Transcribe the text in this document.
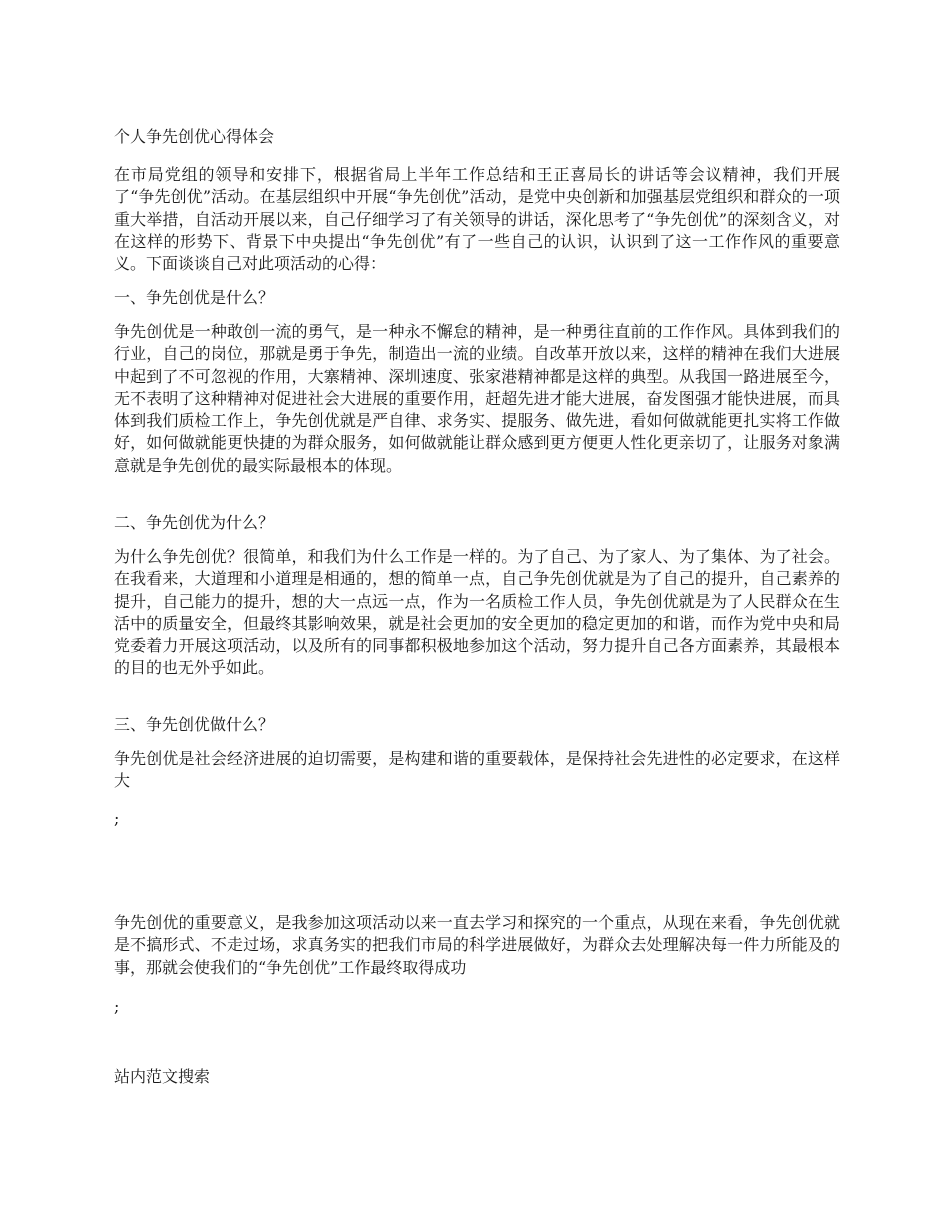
个人争先创优心得体会

在市局党组的领导和安排下，根据省局上半年工作总结和王正喜局长的讲话等会议精神，我们开展了“争先创优”活动。在基层组织中开展“争先创优”活动，是党中央创新和加强基层党组织和群众的一项重大举措，自活动开展以来，自己仔细学习了有关领导的讲话，深化思考了“争先创优”的深刻含义，对在这样的形势下、背景下中央提出“争先创优”有了一些自己的认识，认识到了这一工作作风的重要意义。下面谈谈自己对此项活动的心得：

一、争先创优是什么？

争先创优是一种敢创一流的勇气，是一种永不懈怠的精神，是一种勇往直前的工作作风。具体到我们的行业，自己的岗位，那就是勇于争先，制造出一流的业绩。自改革开放以来，这样的精神在我们大进展中起到了不可忽视的作用，大寨精神、深圳速度、张家港精神都是这样的典型。从我国一路进展至今，无不表明了这种精神对促进社会大进展的重要作用，赶超先进才能大进展，奋发图强才能快进展，而具体到我们质检工作上，争先创优就是严自律、求务实、提服务、做先进，看如何做就能更扎实将工作做好，如何做就能更快捷的为群众服务，如何做就能让群众感到更方便更人性化更亲切了，让服务对象满意就是争先创优的最实际最根本的体现。

二、争先创优为什么？

为什么争先创优？很简单，和我们为什么工作是一样的。为了自己、为了家人、为了集体、为了社会。在我看来，大道理和小道理是相通的，想的简单一点，自己争先创优就是为了自己的提升，自己素养的提升，自己能力的提升，想的大一点远一点，作为一名质检工作人员，争先创优就是为了人民群众在生活中的质量安全，但最终其影响效果，就是社会更加的安全更加的稳定更加的和谐，而作为党中央和局党委着力开展这项活动，以及所有的同事都积极地参加这个活动，努力提升自己各方面素养，其最根本的目的也无外乎如此。

三、争先创优做什么？

争先创优是社会经济进展的迫切需要，是构建和谐的重要载体，是保持社会先进性的必定要求，在这样大

;

争先创优的重要意义，是我参加这项活动以来一直去学习和探究的一个重点，从现在来看，争先创优就是不搞形式、不走过场，求真务实的把我们市局的科学进展做好，为群众去处理解决每一件力所能及的事，那就会使我们的“争先创优”工作最终取得成功

;

站内范文搜索
